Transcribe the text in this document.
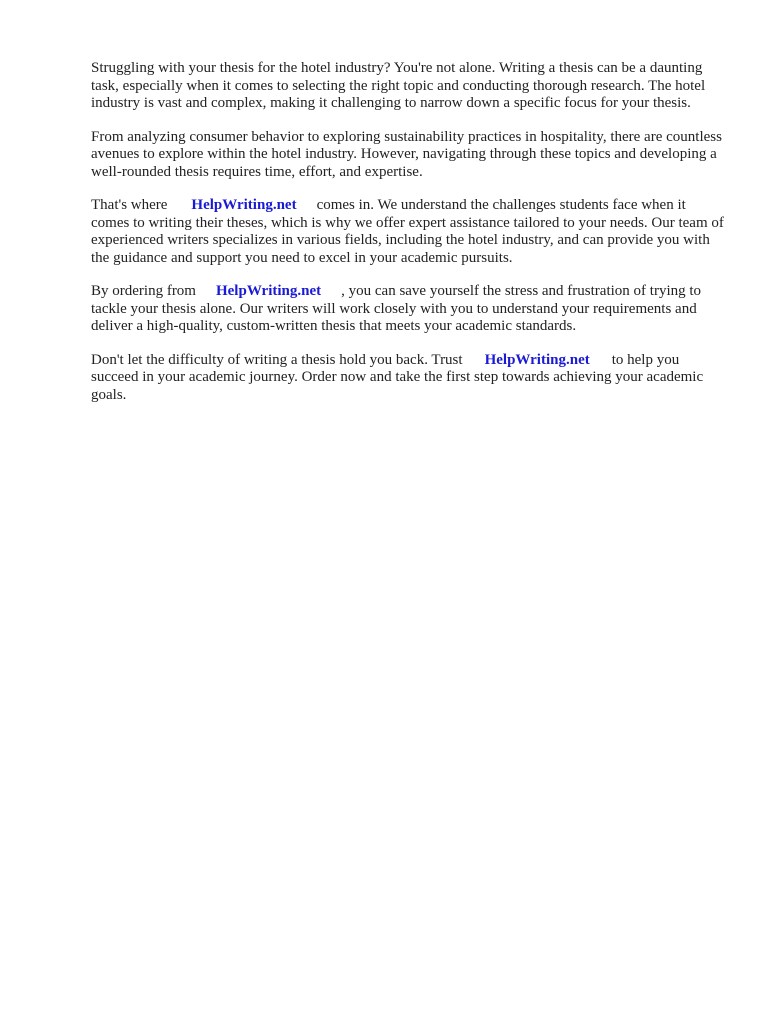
Struggling with your thesis for the hotel industry? You're not alone. Writing a thesis can be a daunting task, especially when it comes to selecting the right topic and conducting thorough research. The hotel industry is vast and complex, making it challenging to narrow down a specific focus for your thesis.

From analyzing consumer behavior to exploring sustainability practices in hospitality, there are countless avenues to explore within the hotel industry. However, navigating through these topics and developing a well-rounded thesis requires time, effort, and expertise.

That's where HelpWriting.net comes in. We understand the challenges students face when it comes to writing their theses, which is why we offer expert assistance tailored to your needs. Our team of experienced writers specializes in various fields, including the hotel industry, and can provide you with the guidance and support you need to excel in your academic pursuits.

By ordering from HelpWriting.net , you can save yourself the stress and frustration of trying to tackle your thesis alone. Our writers will work closely with you to understand your requirements and deliver a high-quality, custom-written thesis that meets your academic standards.

Don't let the difficulty of writing a thesis hold you back. Trust HelpWriting.net to help you succeed in your academic journey. Order now and take the first step towards achieving your academic goals.
